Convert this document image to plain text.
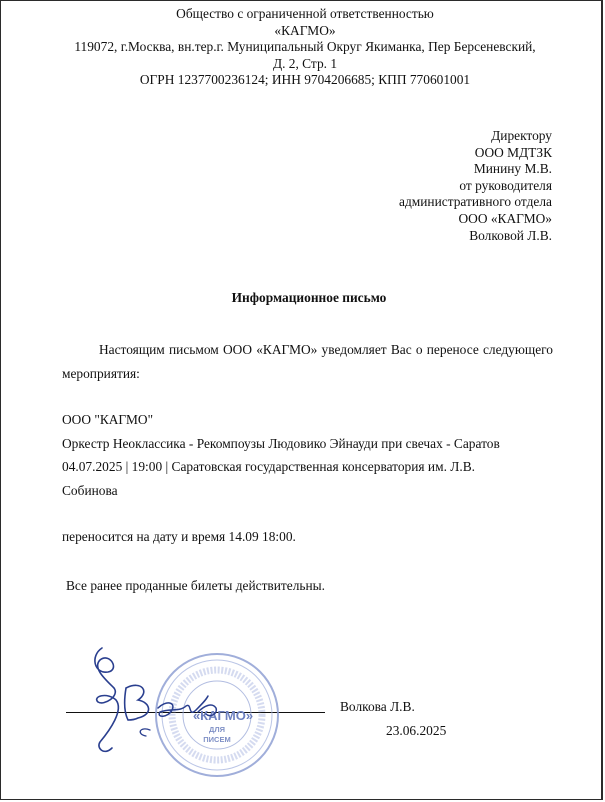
Общество с ограниченной ответственностью
«КАГМО»
119072, г.Москва, вн.тер.г. Муниципальный Округ Якиманка, Пер Берсеневский,
Д. 2, Стр. 1
ОГРН 1237700236124; ИНН 9704206685; КПП 770601001
Директору
ООО МДТЗК
Минину М.В.
от руководителя
административного отдела
ООО «КАГМО»
Волковой Л.В.
Информационное письмо

Настоящим письмом ООО «КАГМО» уведомляет Вас о переносе следующего мероприятия:

ООО "КАГМО"
Оркестр Неоклассика - Рекомпоузы Людовико Эйнауди при свечах - Саратов
04.07.2025 | 19:00 | Саратовская государственная консерватория им. Л.В.
Собинова
переносится на дату и время 14.09 18:00.
Все ранее проданные билеты действительны.
«КАГМО»
ДЛЯ
ПИСЕМ
Волкова Л.В.
23.06.2025
